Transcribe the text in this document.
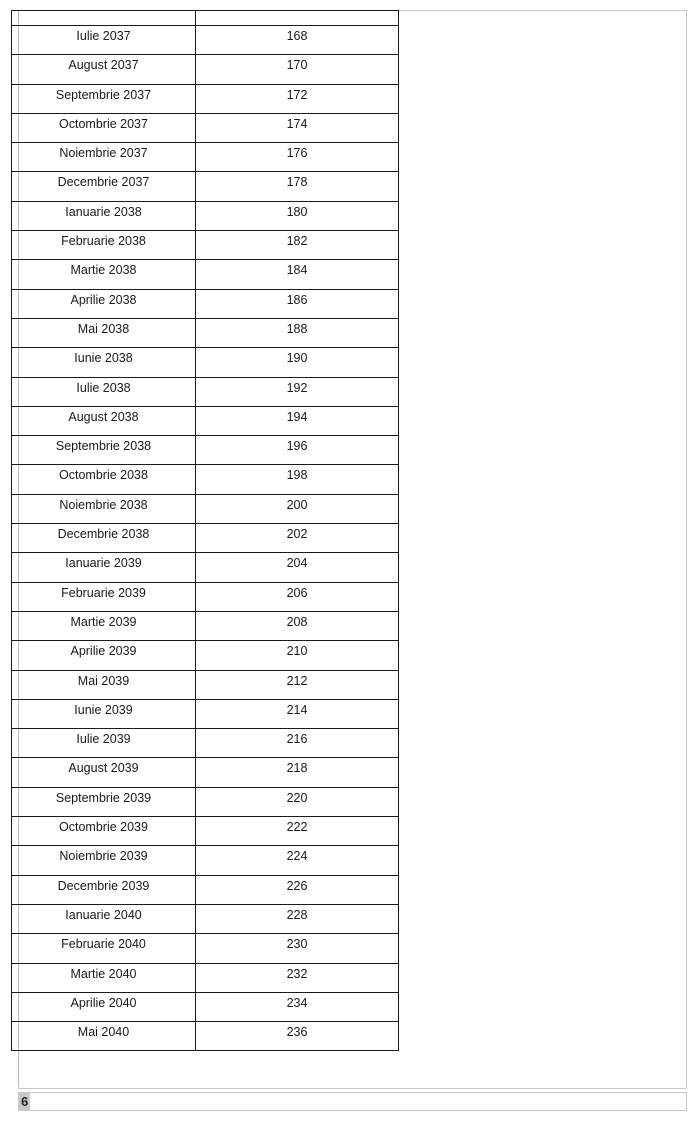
Iulie 2037	168
August 2037	170
Septembrie 2037	172
Octombrie 2037	174
Noiembrie 2037	176
Decembrie 2037	178
Ianuarie 2038	180
Februarie 2038	182
Martie 2038	184
Aprilie 2038	186
Mai 2038	188
Iunie 2038	190
Iulie 2038	192
August 2038	194
Septembrie 2038	196
Octombrie 2038	198
Noiembrie 2038	200
Decembrie 2038	202
Ianuarie 2039	204
Februarie 2039	206
Martie 2039	208
Aprilie 2039	210
Mai 2039	212
Iunie 2039	214
Iulie 2039	216
August 2039	218
Septembrie 2039	220
Octombrie 2039	222
Noiembrie 2039	224
Decembrie 2039	226
Ianuarie 2040	228
Februarie 2040	230
Martie 2040	232
Aprilie 2040	234
Mai 2040	236
6
